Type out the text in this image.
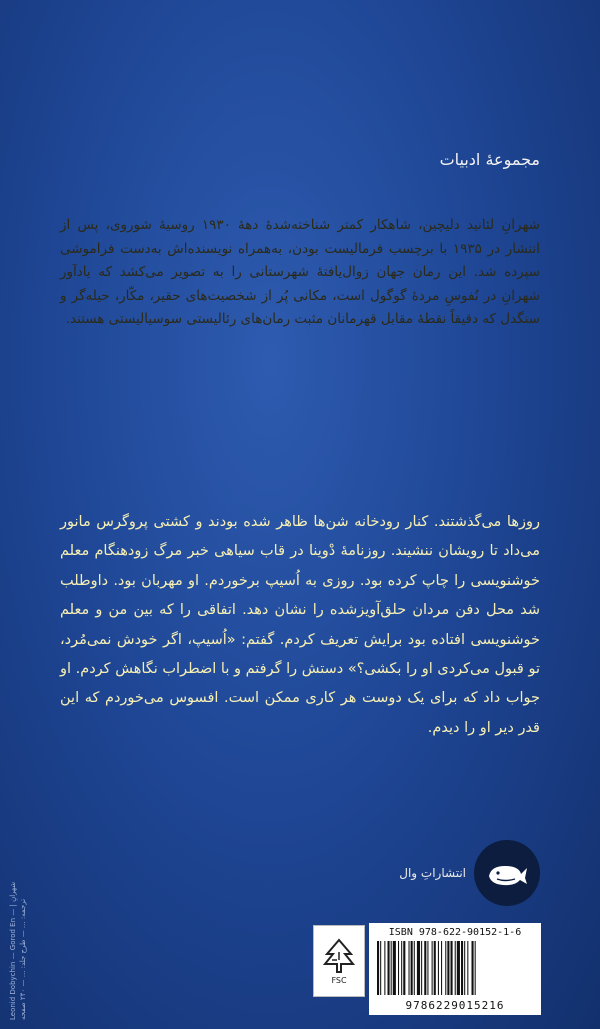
مجموعهٔ ادبیات
شهرانِ لئانید دلیچین، شاهکار کمتر شناخته‌شدهٔ دههٔ ۱۹۳۰ روسیهٔ شوروی، پس از انتشار در ۱۹۳۵ با برچسب فرمالیست بودن، به‌همراه نویسنده‌اش به‌دست فراموشی سپرده شد. این رمان جهان زوال‌یافتهٔ شهرستانی را به تصویر می‌کشد که یادآور شهرانِ در نُفوسِ مردهٔ گوگول است، مکانی پُر از شخصیت‌های حقیر، مکّار، حیله‌گر و سنگدل که دقیقاً نقطهٔ مقابل قهرمانان مثبت رمان‌های رئالیستی سوسیالیستی هستند.
روزها می‌گذشتند. کنار رودخانه شن‌ها ظاهر شده بودند و کشتی پروگرس مانور می‌داد تا رویشان ننشیند. روزنامهٔ دْوینا در قاب سیاهی خبر مرگ زودهنگام معلم خوشنویسی را چاپ کرده بود. روزی به اُسیپ برخوردم. او مهربان بود. داوطلب شد محل دفن مردان حلق‌آویزشده را نشان دهد. اتفاقی را که بین من و معلم خوشنویسی افتاده بود برایش تعریف کردم. گفتم: «اُسیپ، اگر خودش نمی‌مُرد، تو قبول می‌کردی او را بکشی؟» دستش را گرفتم و با اضطراب نگاهش کردم. او جواب داد که برای یک دوست هر کاری ممکن است. افسوس می‌خوردم که این قدر دیر او را دیدم.
انتشاراتِ وال
Leonid Dobychin — Gorod En — شهرانِ | ترجمه: ... — طرح جلد: ... — ۲۴۰ صفحه	FSC
ISBN 978-622-90152-1-6
9786229015216
